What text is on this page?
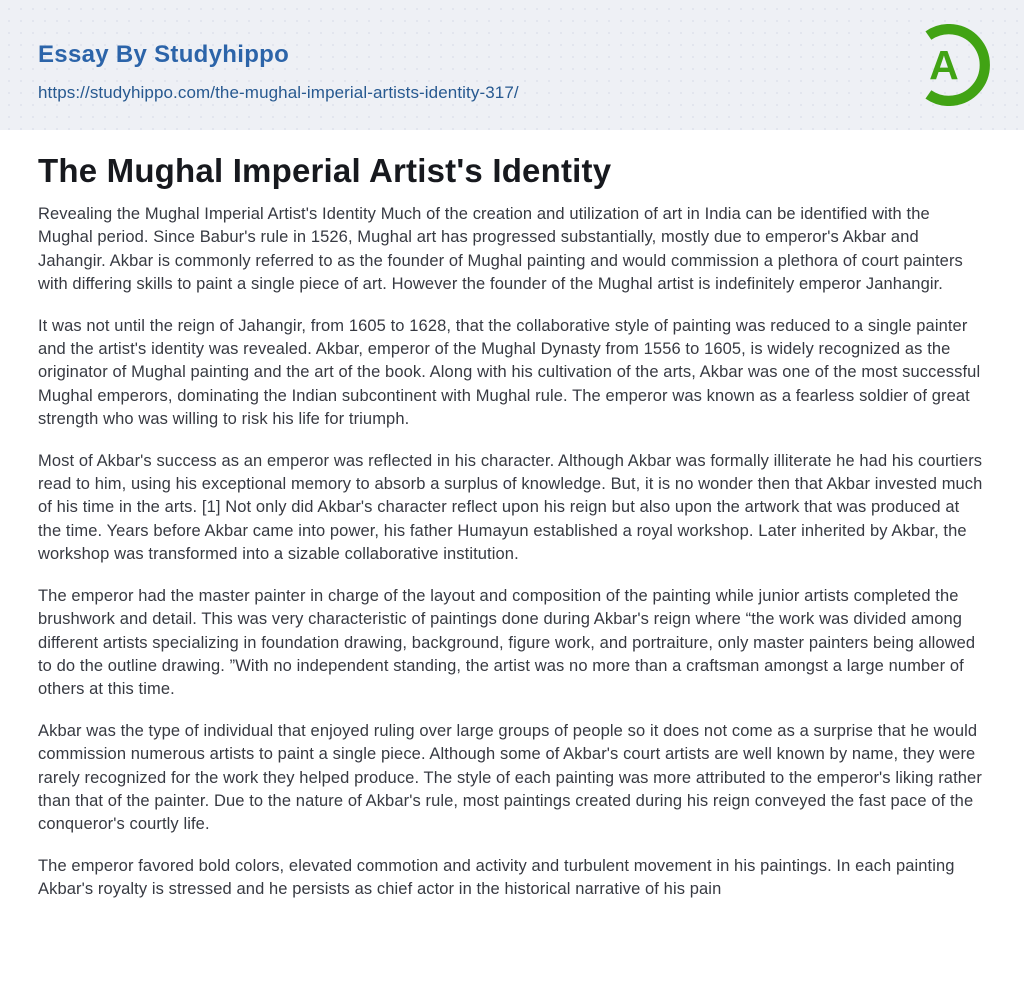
Essay By Studyhippo
https://studyhippo.com/the-mughal-imperial-artists-identity-317/
A
The Mughal Imperial Artist's Identity

Revealing the Mughal Imperial Artist's Identity Much of the creation and utilization of art in India can be identified with the Mughal period. Since Babur's rule in 1526, Mughal art has progressed substantially, mostly due to emperor's Akbar and Jahangir. Akbar is commonly referred to as the founder of Mughal painting and would commission a plethora of court painters with differing skills to paint a single piece of art. However the founder of the Mughal artist is indefinitely emperor Janhangir.

It was not until the reign of Jahangir, from 1605 to 1628, that the collaborative style of painting was reduced to a single painter and the artist's identity was revealed. Akbar, emperor of the Mughal Dynasty from 1556 to 1605, is widely recognized as the originator of Mughal painting and the art of the book. Along with his cultivation of the arts, Akbar was one of the most successful Mughal emperors, dominating the Indian subcontinent with Mughal rule. The emperor was known as a fearless soldier of great strength who was willing to risk his life for triumph.

Most of Akbar's success as an emperor was reflected in his character. Although Akbar was formally illiterate he had his courtiers read to him, using his exceptional memory to absorb a surplus of knowledge. But, it is no wonder then that Akbar invested much of his time in the arts. [1] Not only did Akbar's character reflect upon his reign but also upon the artwork that was produced at the time. Years before Akbar came into power, his father Humayun established a royal workshop. Later inherited by Akbar, the workshop was transformed into a sizable collaborative institution.

The emperor had the master painter in charge of the layout and composition of the painting while junior artists completed the brushwork and detail. This was very characteristic of paintings done during Akbar's reign where “the work was divided among different artists specializing in foundation drawing, background, figure work, and portraiture, only master painters being allowed to do the outline drawing. ”With no independent standing, the artist was no more than a craftsman amongst a large number of others at this time.

Akbar was the type of individual that enjoyed ruling over large groups of people so it does not come as a surprise that he would commission numerous artists to paint a single piece. Although some of Akbar's court artists are well known by name, they were rarely recognized for the work they helped produce. The style of each painting was more attributed to the emperor's liking rather than that of the painter. Due to the nature of Akbar's rule, most paintings created during his reign conveyed the fast pace of the conqueror's courtly life.

The emperor favored bold colors, elevated commotion and activity and turbulent movement in his paintings. In each painting Akbar's royalty is stressed and he persists as chief actor in the historical narrative of his pain
